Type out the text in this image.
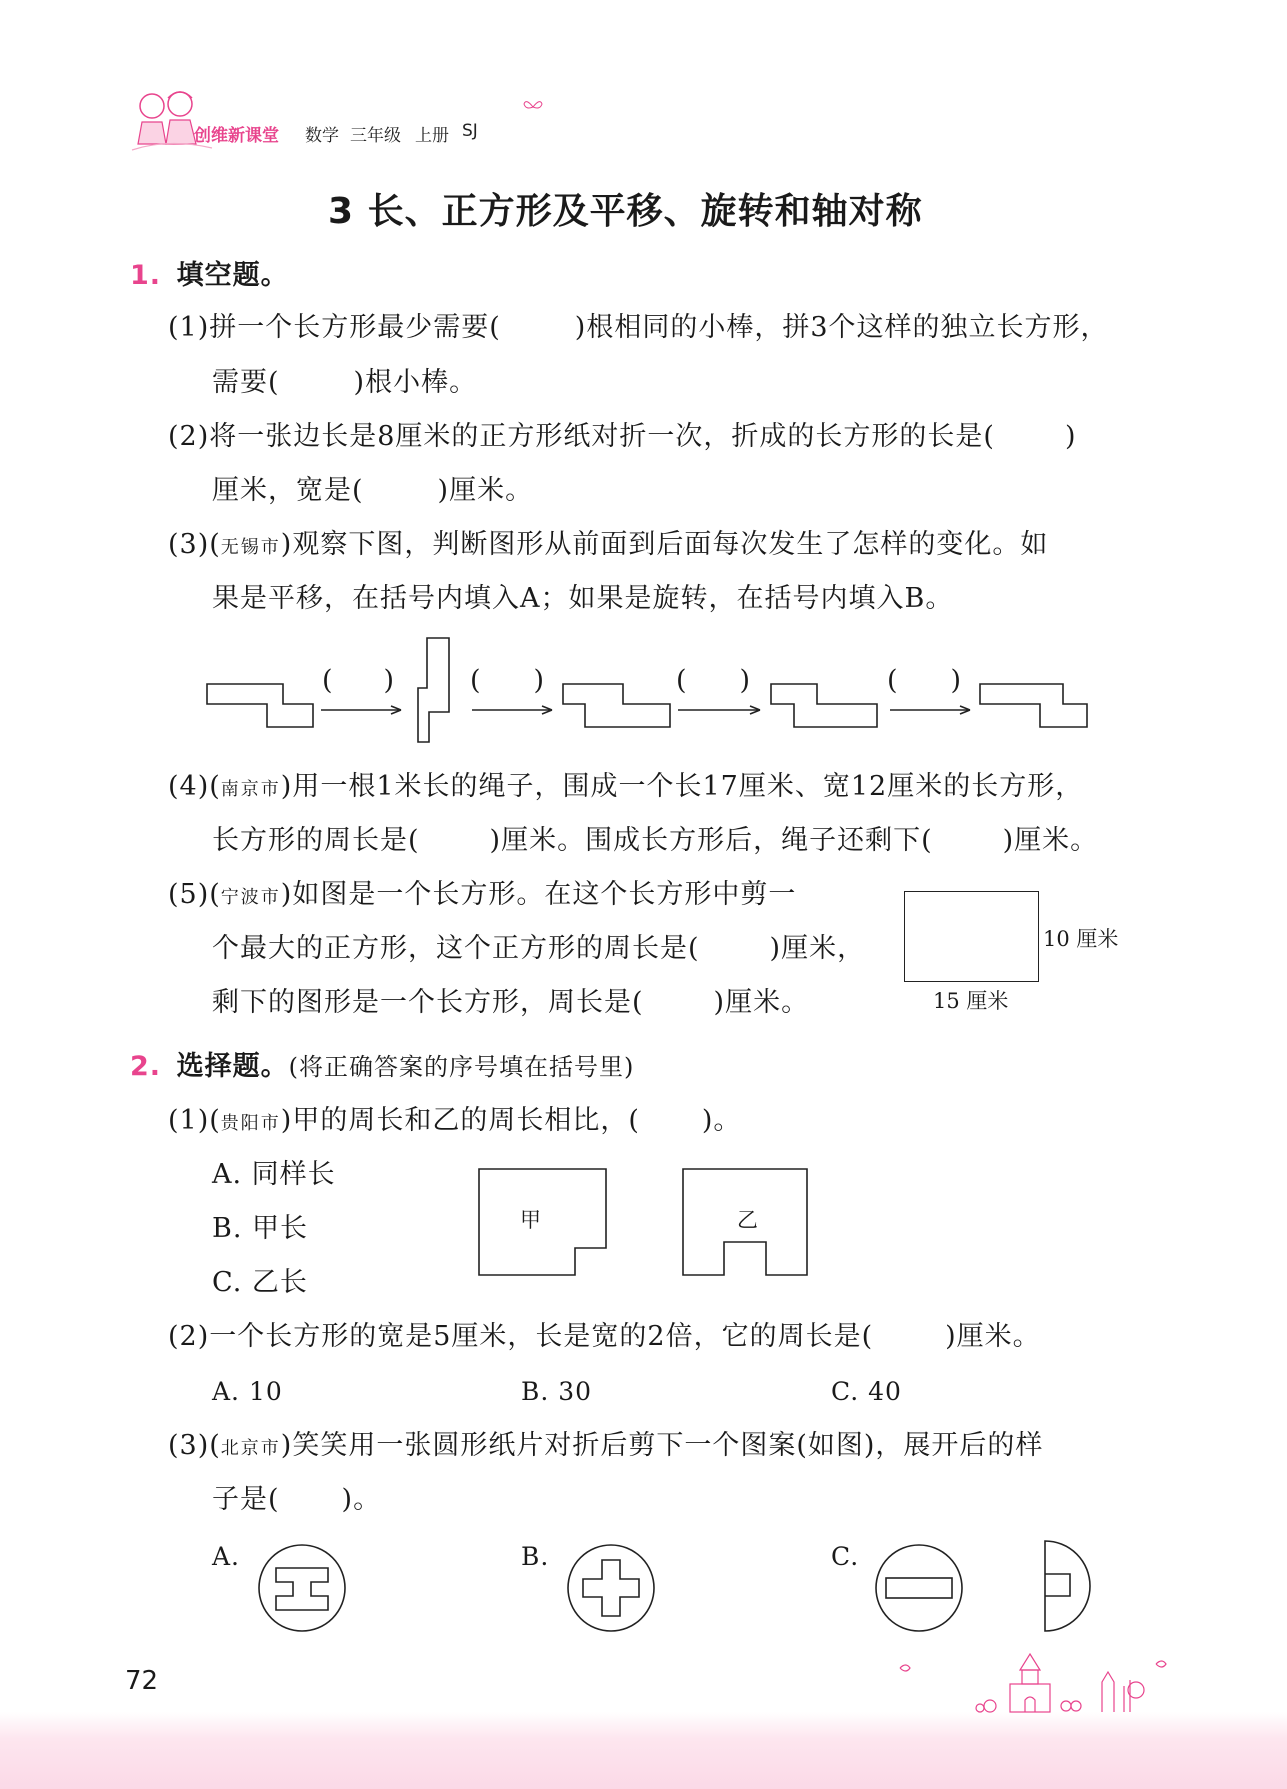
创维新课堂 数学 三年级 上册 SJ
3 长、正方形及平移、旋转和轴对称
1. 填空题。
(1)拼一个长方形最少需要(	)根相同的小棒，拼3个这样的独立长方形，
需要(	)根小棒。
(2)将一张边长是8厘米的正方形纸对折一次，折成的长方形的长是(	)
厘米，宽是(	)厘米。
(3)(无锡市)观察下图，判断图形从前面到后面每次发生了怎样的变化。如
果是平移，在括号内填入A；如果是旋转，在括号内填入B。
( )	( )	( )	( )
(4)(南京市)用一根1米长的绳子，围成一个长17厘米、宽12厘米的长方形，
长方形的周长是(	)厘米。围成长方形后，绳子还剩下(	)厘米。
(5)(宁波市)如图是一个长方形。在这个长方形中剪一
个最大的正方形，这个正方形的周长是(	)厘米，
剩下的图形是一个长方形，周长是(	)厘米。
10 厘米
15 厘米
2. 选择题。(将正确答案的序号填在括号里)
(1)(贵阳市)甲的周长和乙的周长相比，( )。
A. 同样长
B. 甲长
C. 乙长
甲	乙
(2)一个长方形的宽是5厘米，长是宽的2倍，它的周长是(	)厘米。
A. 10	B. 30	C. 40
(3)(北京市)笑笑用一张圆形纸片对折后剪下一个图案(如图)，展开后的样
子是( )。
A.	B.	C.
72
